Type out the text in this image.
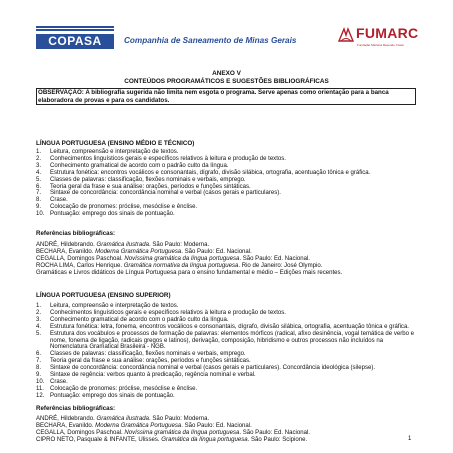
COPASA	Companhia de Saneamento de Minas Gerais	FUMARC
Fundação Mariana Resende Costa
ANEXO V
CONTEÚDOS PROGRAMÁTICOS E SUGESTÕES BIBLIOGRÁFICAS
OBSERVAÇÃO: A bibliografia sugerida não limita nem esgota o programa. Serve apenas como orientação para a banca elaboradora de provas e para os candidatos.
LÍNGUA PORTUGUESA (ENSINO MÉDIO E TÉCNICO)
1. Leitura, compreensão e interpretação de textos.
2. Conhecimentos linguísticos gerais e específicos relativos à leitura e produção de textos.
3. Conhecimento gramatical de acordo com o padrão culto da língua.
4. Estrutura fonética: encontros vocálicos e consonantais, dígrafo, divisão silábica, ortografia, acentuação tônica e gráfica.
5. Classes de palavras: classificação, flexões nominais e verbais, emprego.
6. Teoria geral da frase e sua análise: orações, períodos e funções sintáticas.
7. Sintaxe de concordância: concordância nominal e verbal (casos gerais e particulares).
8. Crase.
9. Colocação de pronomes: próclise, mesóclise e ênclise.
10. Pontuação: emprego dos sinais de pontuação.
Referências bibliográficas:
ANDRÉ, Hildebrando. Gramática ilustrada. São Paulo: Moderna.
BECHARA, Evanildo. Moderna Gramática Portuguesa. São Paulo: Ed. Nacional.
CEGALLA, Domingos Paschoal. Novíssima gramática da língua portuguesa. São Paulo: Ed. Nacional.
ROCHA LIMA, Carlos Henrique. Gramática normativa da língua portuguesa. Rio de Janeiro: José Olympio.
Gramáticas e Livros didáticos de Língua Portuguesa para o ensino fundamental e médio – Edições mais recentes.
LÍNGUA PORTUGUESA (ENSINO SUPERIOR)
1. Leitura, compreensão e interpretação de textos.
2. Conhecimentos linguísticos gerais e específicos relativos à leitura e produção de textos.
3. Conhecimento gramatical de acordo com o padrão culto da língua.
4. Estrutura fonética: letra, fonema, encontros vocálicos e consonantais, dígrafo, divisão silábica, ortografia, acentuação tônica e gráfica.
5. Estrutura dos vocábulos e processos de formação de palavras: elementos mórficos (radical, afixo desinência, vogal temática de verbo e nome, fonema de ligação, radicais gregos e latinos), derivação, composição, hibridismo e outros processos não incluídos na Nomenclatura Gramatical Brasileira - NGB.
6. Classes de palavras: classificação, flexões nominais e verbais, emprego.
7. Teoria geral da frase e sua análise: orações, períodos e funções sintáticas.
8. Sintaxe de concordância: concordância nominal e verbal (casos gerais e particulares). Concordância ideológica (silepse).
9. Sintaxe de regência: verbos quanto à predicação, regência nominal e verbal.
10. Crase.
11. Colocação de pronomes: próclise, mesóclise e ênclise.
12. Pontuação: emprego dos sinais de pontuação.
Referências bibliográficas:
ANDRÉ, Hildebrando. Gramática ilustrada. São Paulo: Moderna.
BECHARA, Evanildo. Moderna Gramática Portuguesa. São Paulo: Ed. Nacional.
CEGALLA, Domingos Paschoal. Novíssima gramática da língua portuguesa. São Paulo: Ed. Nacional.
CIPRO NETO, Pasquale & INFANTE, Ulisses. Gramática da língua portuguesa. São Paulo: Scipione.	1
